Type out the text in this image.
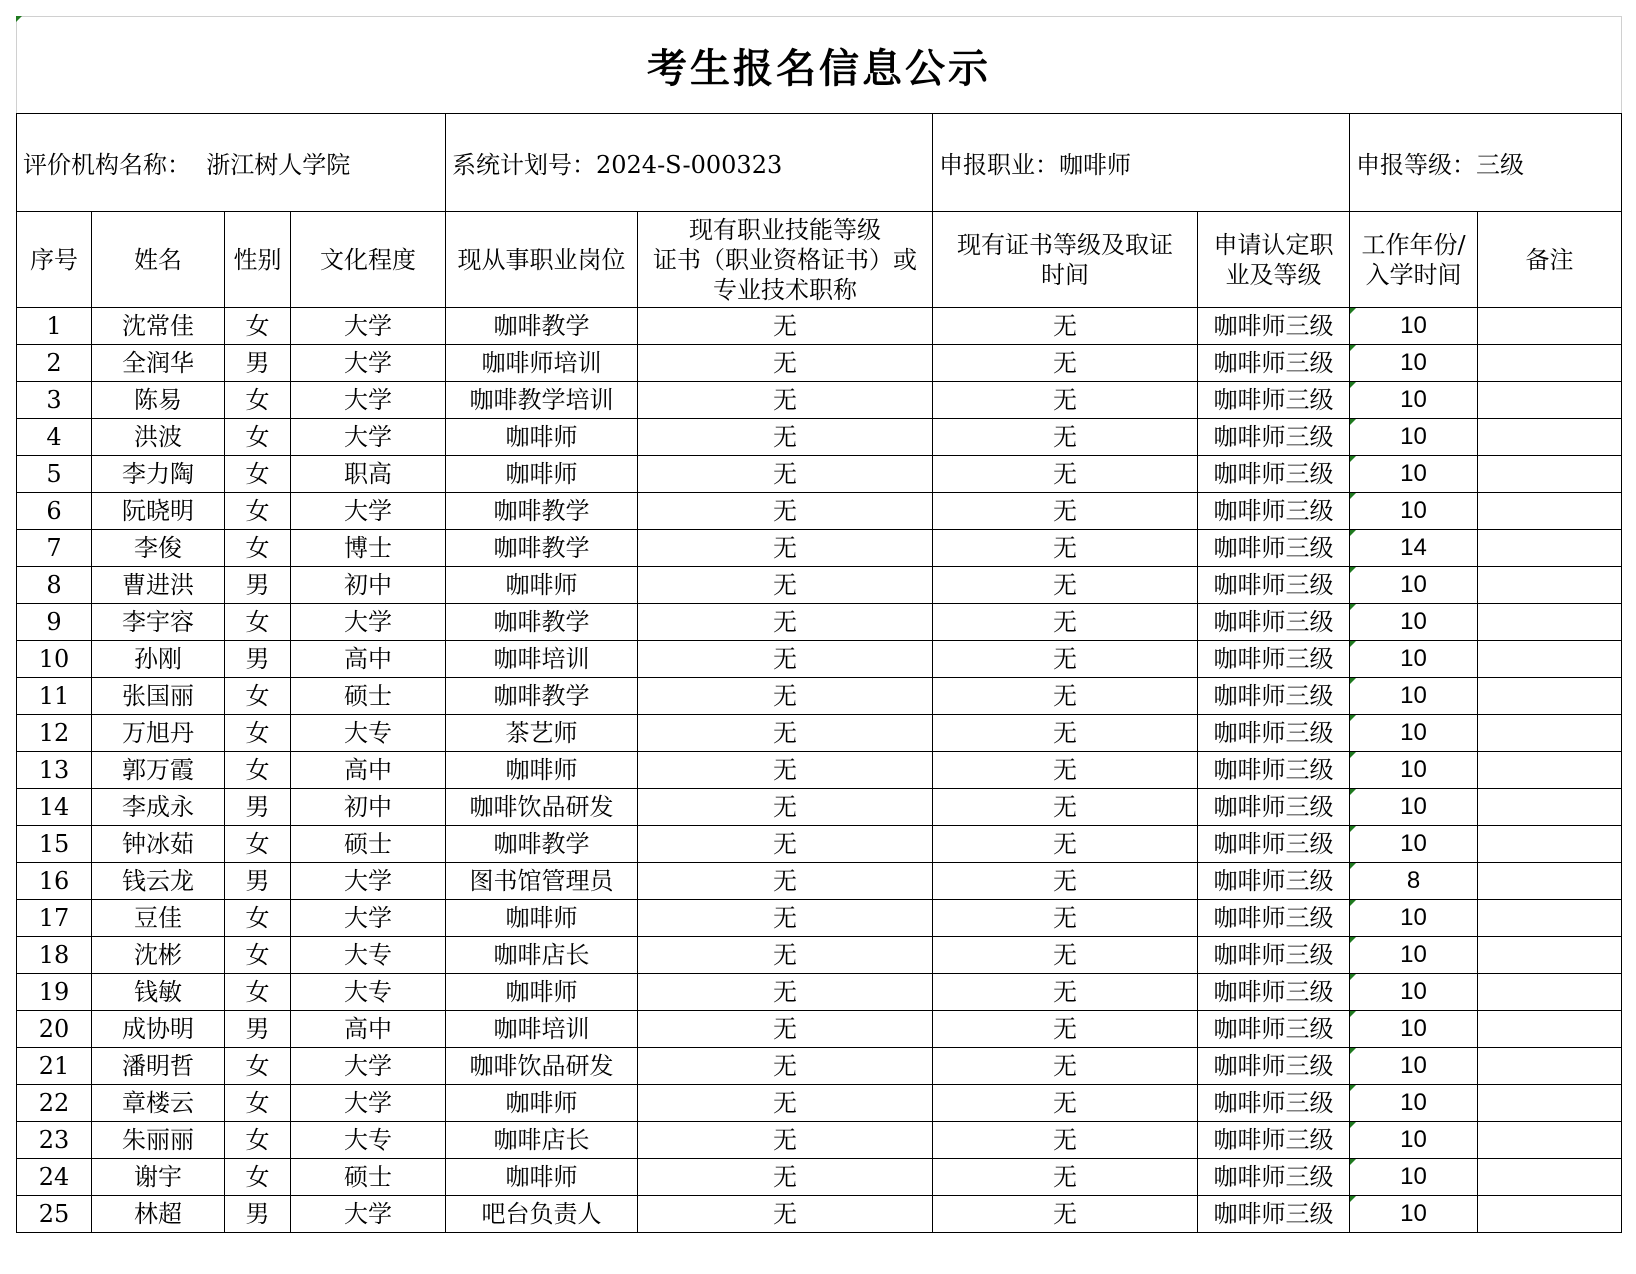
考生报名信息公示									
评价机构名称：  浙江树人学院				系统计划号：2024-S-000323		申报职业：咖啡师		申报等级：三级	
序号	姓名	性别	文化程度	现从事职业岗位	现有职业技能等级
证书（职业资格证书）或
专业技术职称	现有证书等级及取证
时间	申请认定职
业及等级	工作年份/
入学时间	备注
1	沈常佳	女	大学	咖啡教学	无	无	咖啡师三级	10	
2	全润华	男	大学	咖啡师培训	无	无	咖啡师三级	10	
3	陈易	女	大学	咖啡教学培训	无	无	咖啡师三级	10	
4	洪波	女	大学	咖啡师	无	无	咖啡师三级	10	
5	李力陶	女	职高	咖啡师	无	无	咖啡师三级	10	
6	阮晓明	女	大学	咖啡教学	无	无	咖啡师三级	10	
7	李俊	女	博士	咖啡教学	无	无	咖啡师三级	14	
8	曹进洪	男	初中	咖啡师	无	无	咖啡师三级	10	
9	李宇容	女	大学	咖啡教学	无	无	咖啡师三级	10	
10	孙刚	男	高中	咖啡培训	无	无	咖啡师三级	10	
11	张国丽	女	硕士	咖啡教学	无	无	咖啡师三级	10	
12	万旭丹	女	大专	茶艺师	无	无	咖啡师三级	10	
13	郭万霞	女	高中	咖啡师	无	无	咖啡师三级	10	
14	李成永	男	初中	咖啡饮品研发	无	无	咖啡师三级	10	
15	钟冰茹	女	硕士	咖啡教学	无	无	咖啡师三级	10	
16	钱云龙	男	大学	图书馆管理员	无	无	咖啡师三级	8	
17	豆佳	女	大学	咖啡师	无	无	咖啡师三级	10	
18	沈彬	女	大专	咖啡店长	无	无	咖啡师三级	10	
19	钱敏	女	大专	咖啡师	无	无	咖啡师三级	10	
20	成协明	男	高中	咖啡培训	无	无	咖啡师三级	10	
21	潘明哲	女	大学	咖啡饮品研发	无	无	咖啡师三级	10	
22	章楼云	女	大学	咖啡师	无	无	咖啡师三级	10	
23	朱丽丽	女	大专	咖啡店长	无	无	咖啡师三级	10	
24	谢宇	女	硕士	咖啡师	无	无	咖啡师三级	10	
25	林超	男	大学	吧台负责人	无	无	咖啡师三级	10	
